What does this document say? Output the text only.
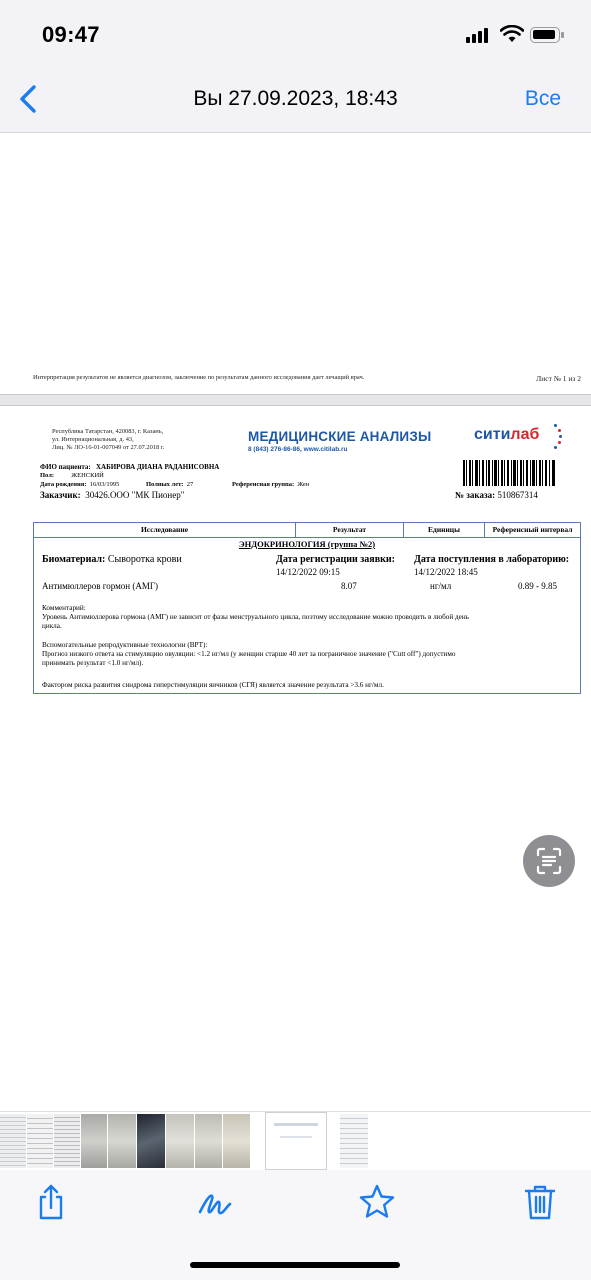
09:47
Вы 27.09.2023, 18:43	Все
Интерпретация результатов не является диагнозом, заключение по результатам данного исследования дает лечащий врач.	Лист № 1 из 2
Республика Татарстан, 420083, г. Казань,
ул. Интернациональная, д. 43,
Лиц. № ЛО-16-01-007049 от 27.07.2018 г.
МЕДИЦИНСКИЕ АНАЛИЗЫ
8 (843) 276-86-86, www.citilab.ru
ситилаб
ФИО пациента: ХАБИРОВА ДИАНА РАДАНИСОВНА
Пол:	ЖЕНСКИЙ
Дата рождения: 16/03/1995	Полных лет: 27	Референсная группа: Жен
Заказчик: 30426.ООО "МК Пионер"	№ заказа: 510867314
Исследование	Результат	Единицы	Референсный интервал
ЭНДОКРИНОЛОГИЯ (группа №2)
Биоматериал: Сыворотка крови	Дата регистрации заявки:
14/12/2022 09:15
Дата поступления в лабораторию:
14/12/2022 18:45
Антимюллеров гормон (АМГ)	8.07	нг/мл	0.89 - 9.85
Комментарий:
Уровень Антимюллерова гормона (АМГ) не зависит от фазы менструального цикла, поэтому исследование можно проводить в любой день
цикла.
Вспомогательные репродуктивные технологии (ВРТ):
Прогноз низкого ответа на стимуляцию овуляции: <1.2 нг/мл (у женщин старше 40 лет за пограничное значение ("Cutt off") допустимо
принимать результат <1.0 нг/мл).
Фактором риска развития синдрома гиперстимуляции яичников (СГЯ) является значение результата >3.6 нг/мл.
